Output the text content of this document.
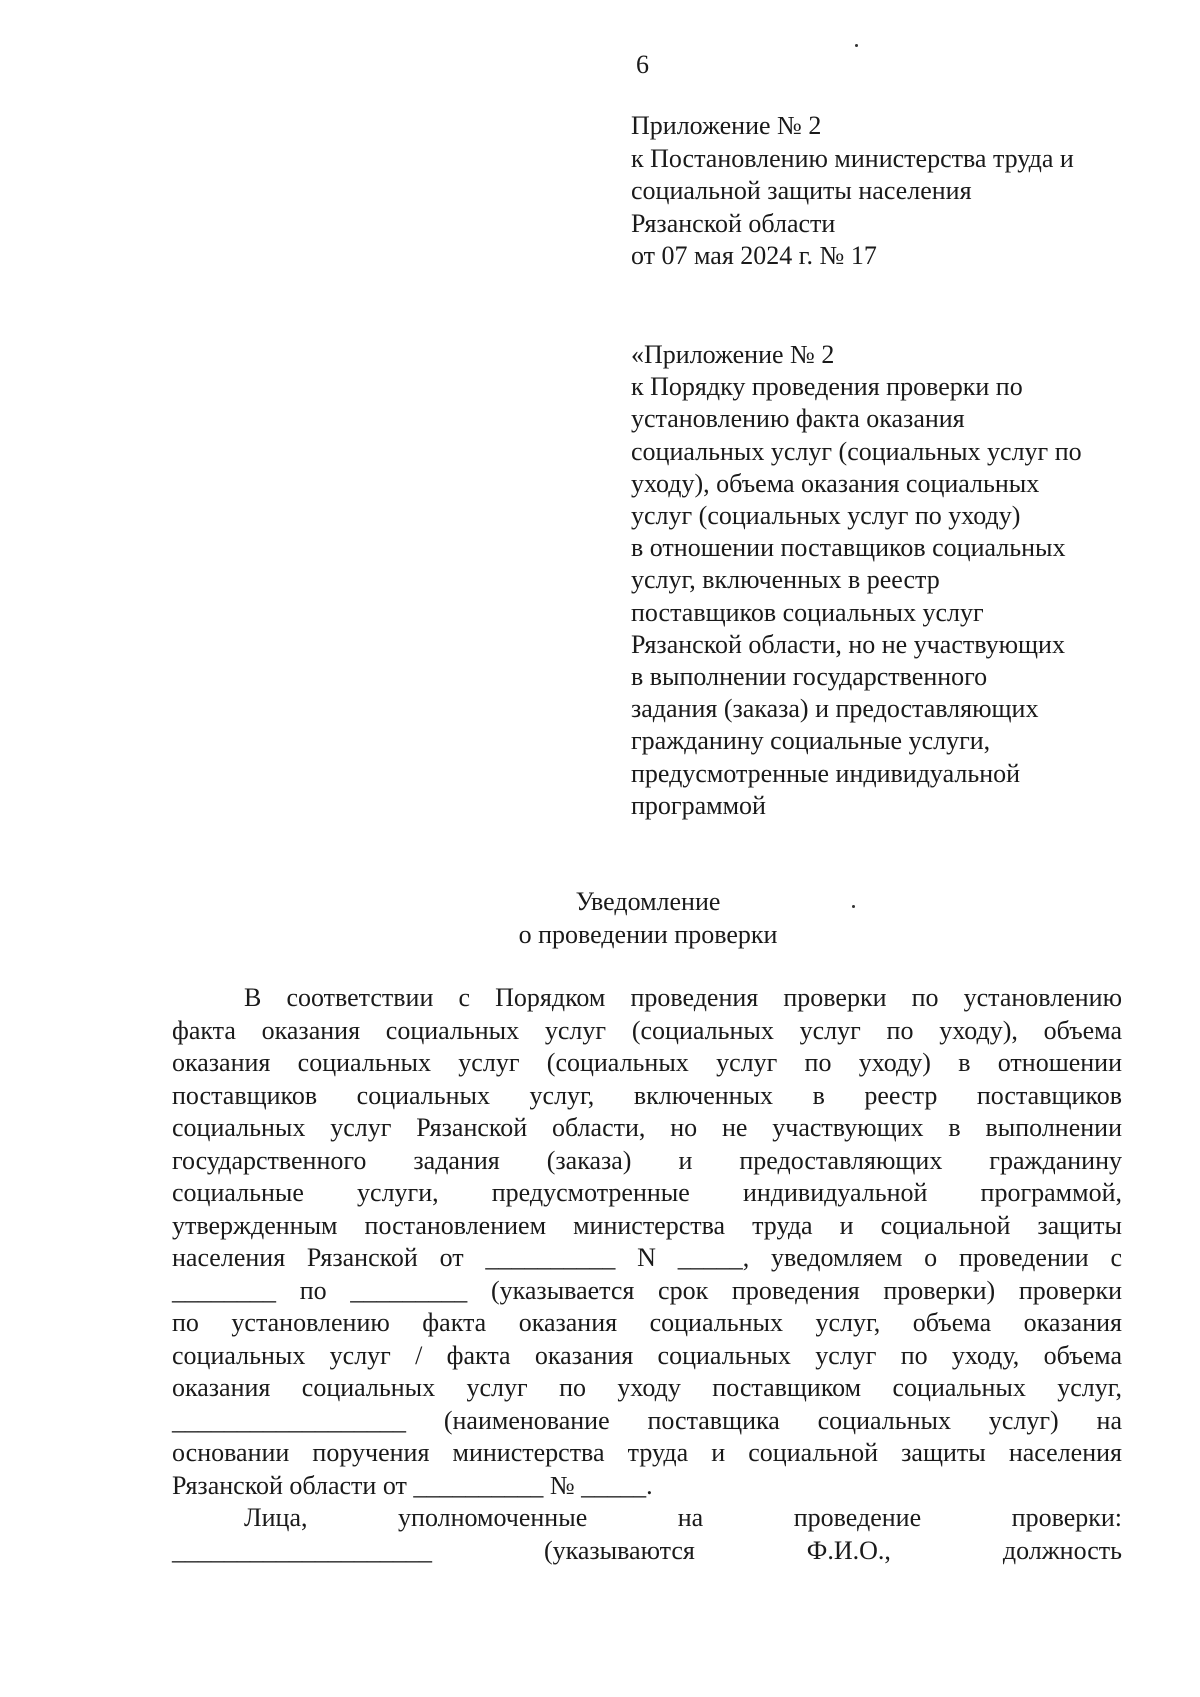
6
Приложение № 2
к Постановлению министерства труда и
социальной защиты населения
Рязанской области
от 07 мая 2024 г. № 17
«Приложение № 2
к Порядку проведения проверки по
установлению факта оказания
социальных услуг (социальных услуг по
уходу), объема оказания социальных
услуг (социальных услуг по уходу)
в отношении поставщиков социальных
услуг, включенных в реестр
поставщиков социальных услуг
Рязанской области, но не участвующих
в выполнении государственного
задания (заказа) и предоставляющих
гражданину социальные услуги,
предусмотренные индивидуальной
программой
Уведомление
о проведении проверки
В соответствии с Порядком проведения проверки по установлению
факта оказания социальных услуг (социальных услуг по уходу), объема
оказания социальных услуг (социальных услуг по уходу) в отношении
поставщиков социальных услуг, включенных в реестр поставщиков
социальных услуг Рязанской области, но не участвующих в выполнении
государственного задания (заказа) и предоставляющих гражданину
социальные услуги, предусмотренные индивидуальной программой,
утвержденным постановлением министерства труда и социальной защиты
населения Рязанской от __________ N _____, уведомляем о проведении с
________ по _________ (указывается срок проведения проверки) проверки
по установлению факта оказания социальных услуг, объема оказания
социальных услуг / факта оказания социальных услуг по уходу, объема
оказания социальных услуг по уходу поставщиком социальных услуг,
__________________ (наименование поставщика социальных услуг) на
основании поручения министерства труда и социальной защиты населения
Рязанской области от __________ № _____.
Лица, уполномоченные на проведение проверки:
____________________ (указываются Ф.И.О., должность
